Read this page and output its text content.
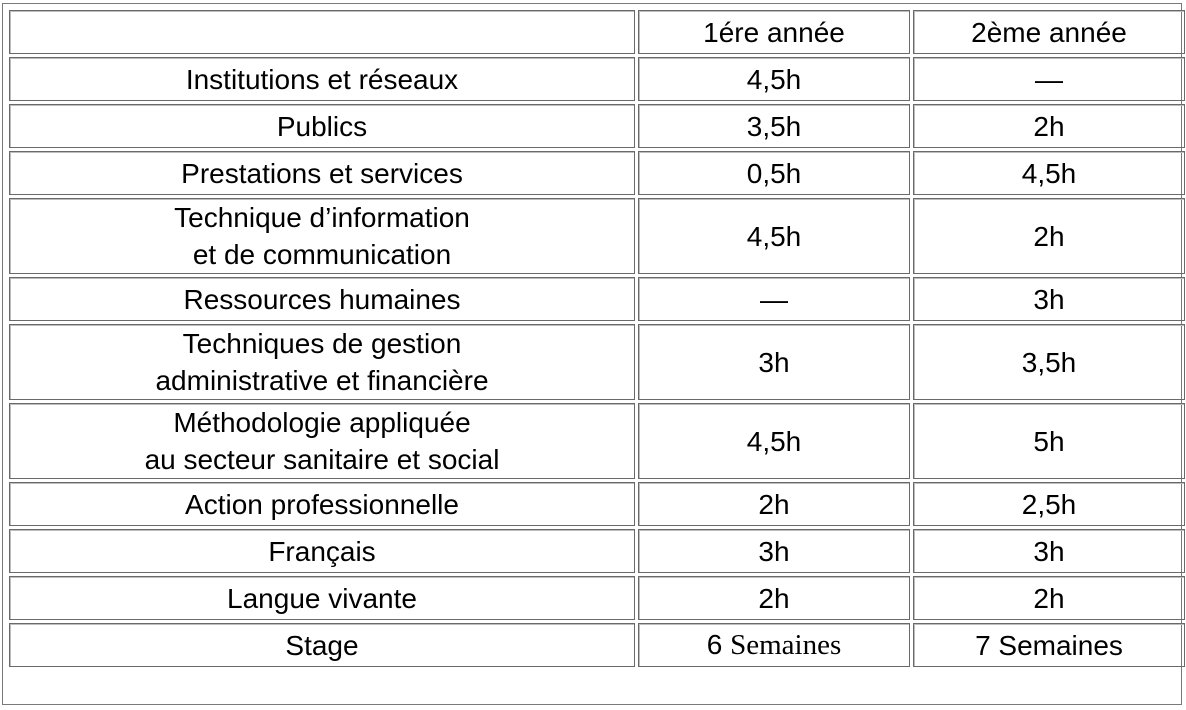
	1ére année	2ème année
Institutions et réseaux	4,5h	—
Publics	3,5h	2h
Prestations et services	0,5h	4,5h
Technique d’information
et de communication	4,5h	2h
Ressources humaines	—	3h
Techniques de gestion
administrative et financière	3h	3,5h
Méthodologie appliquée
au secteur sanitaire et social	4,5h	5h
Action professionnelle	2h	2,5h
Français	3h	3h
Langue vivante	2h	2h
Stage	6 Semaines	7 Semaines
